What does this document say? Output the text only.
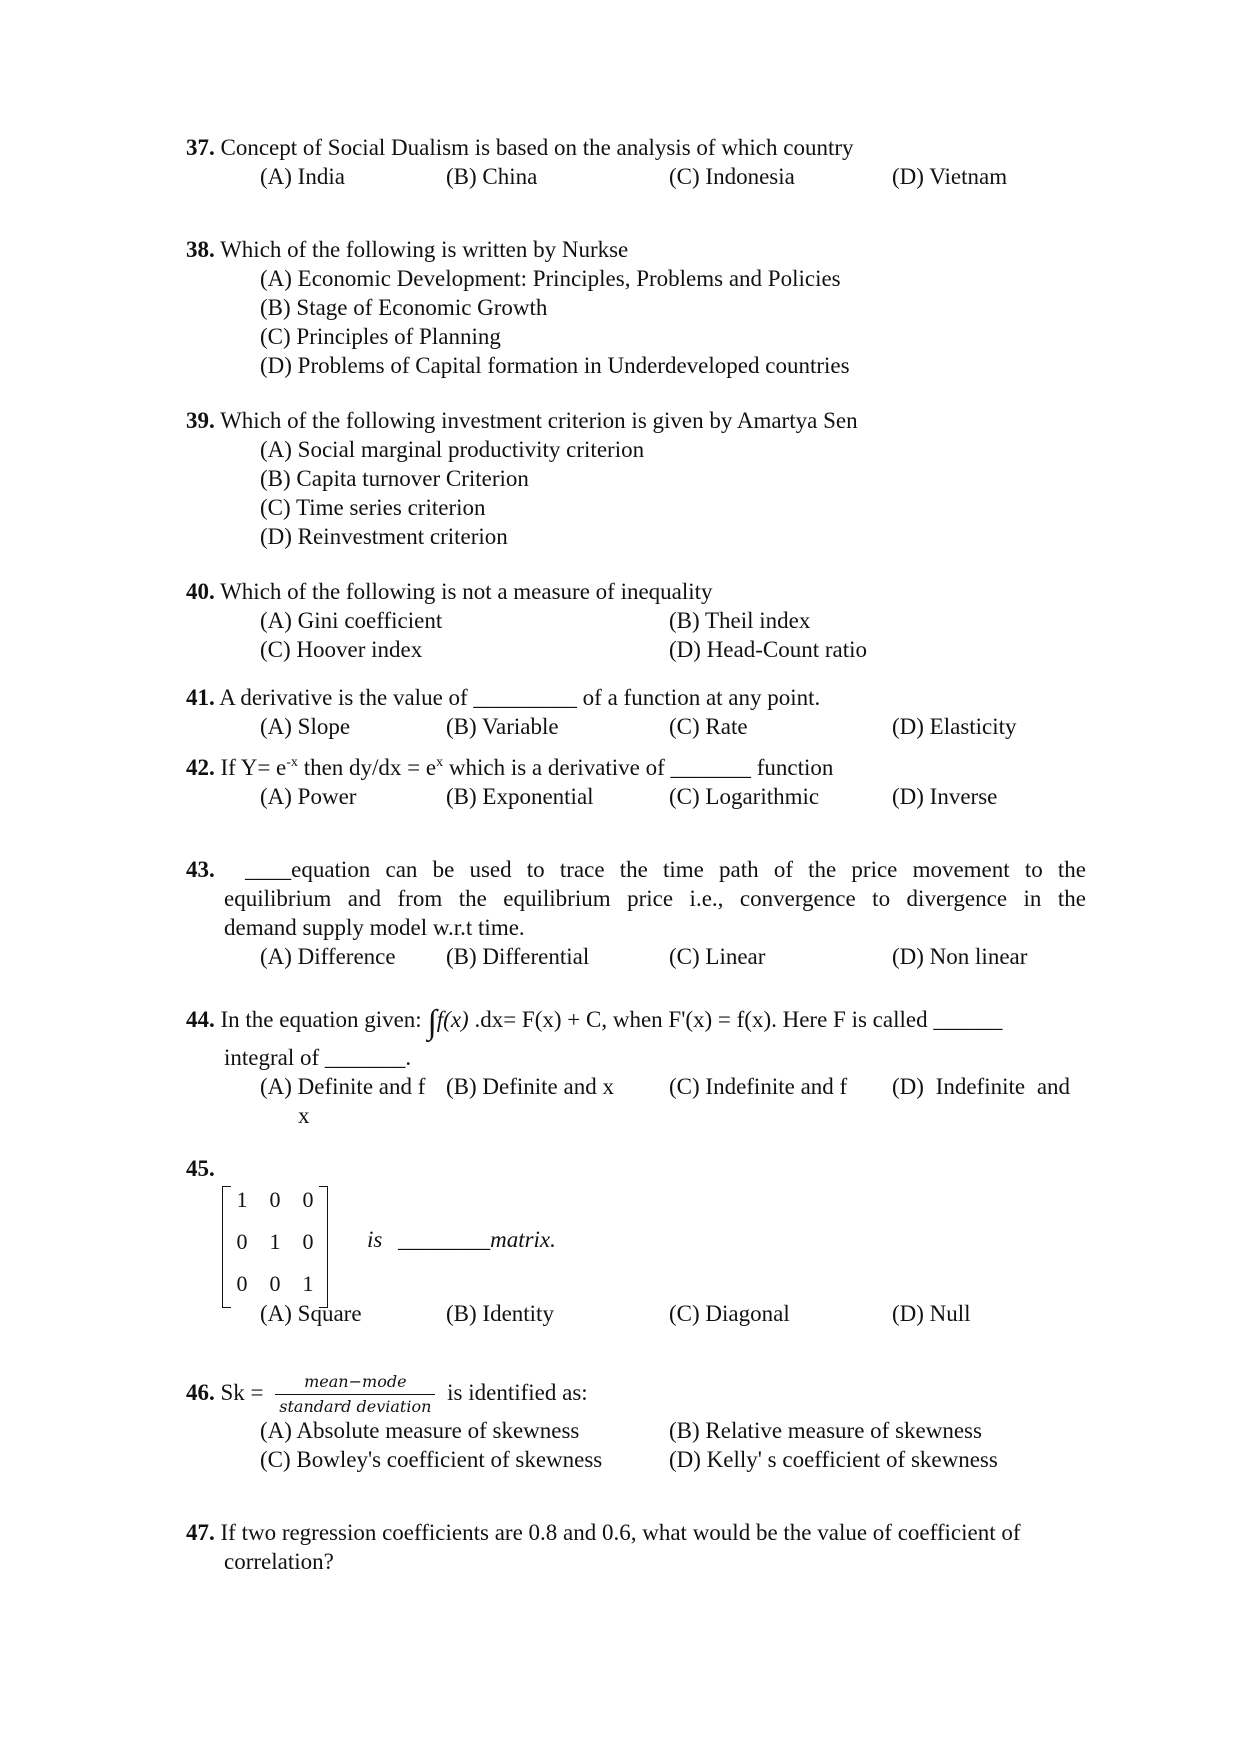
37. Concept of Social Dualism is based on the analysis of which country
(A) India	(B) China	(C) Indonesia	(D) Vietnam
38. Which of the following is written by Nurkse
(A) Economic Development: Principles, Problems and Policies
(B) Stage of Economic Growth
(C) Principles of Planning
(D) Problems of Capital formation in Underdeveloped countries
39. Which of the following investment criterion is given by Amartya Sen
(A) Social marginal productivity criterion
(B) Capita turnover Criterion
(C) Time series criterion
(D) Reinvestment criterion
40. Which of the following is not a measure of inequality
(A) Gini coefficient	(B) Theil index
(C) Hoover index	(D) Head-Count ratio
41. A derivative is the value of _________ of a function at any point.
(A) Slope	(B) Variable	(C) Rate	(D) Elasticity
42. If $Y= e^{-x}$ then $dy/dx = e^x$ which is a derivative of _______ function
(A) Power	(B) Exponential	(C) Logarithmic	(D) Inverse
43. ____equation can be used to trace the time path of the price movement to the
equilibrium and from the equilibrium price i.e., convergence to divergence in the
demand supply model w.r.t time.
(A) Difference (B) Differential	(C) Linear	(D) Non linear
44. In the equation given: ∫f(x) .dx= F(x) + C, when F'(x) = f(x). Here F is called ______
integral of _______.
(A) Definite and f (B) Definite and x (C) Indefinite and f (D) Indefinite and
x
45.
1 0 0
0 1 0
0 0 1
is ________matrix.
(A) Square	(B) Identity	(C) Diagonal	(D) Null
46. $Sk = \frac{\text{mean−mode}}{\text{standard deviation}}$ is identified as:
(A) Absolute measure of skewness	(B) Relative measure of skewness
(C) Bowley's coefficient of skewness	(D) Kelly' s coefficient of skewness
47. If two regression coefficients are 0.8 and 0.6, what would be the value of coefficient of
correlation?
